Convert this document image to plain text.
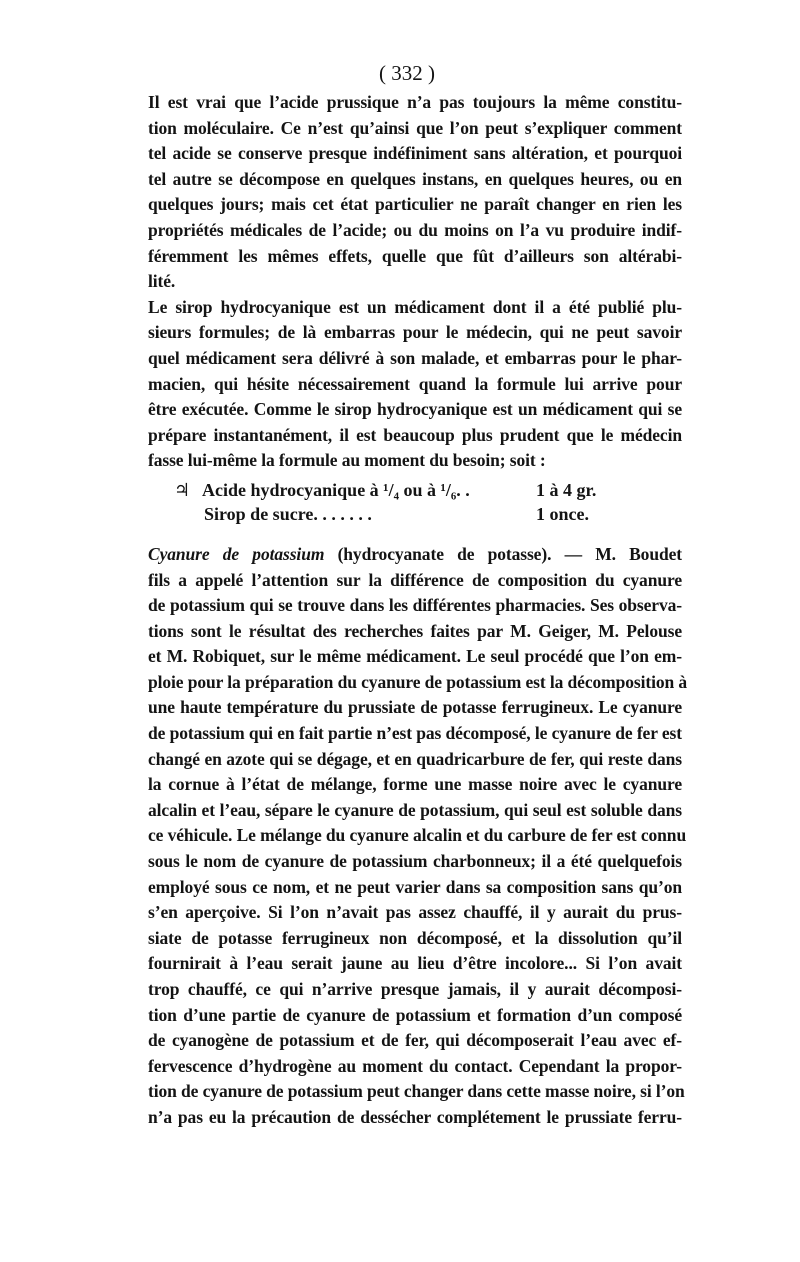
( 332 )
Il est vrai que l’acide prussique n’a pas toujours la même constitu-
tion moléculaire. Ce n’est qu’ainsi que l’on peut s’expliquer comment
tel acide se conserve presque indéfiniment sans altération, et pourquoi
tel autre se décompose en quelques instans, en quelques heures, ou en
quelques jours; mais cet état particulier ne paraît changer en rien les
propriétés médicales de l’acide; ou du moins on l’a vu produire indif-
féremment les mêmes effets, quelle que fût d’ailleurs son altérabi-
lité.
Le sirop hydrocyanique est un médicament dont il a été publié plu-
sieurs formules; de là embarras pour le médecin, qui ne peut savoir
quel médicament sera délivré à son malade, et embarras pour le phar-
macien, qui hésite nécessairement quand la formule lui arrive pour
être exécutée. Comme le sirop hydrocyanique est un médicament qui se
prépare instantanément, il est beaucoup plus prudent que le médecin
fasse lui-même la formule au moment du besoin; soit :
♃ Acide hydrocyanique à ¹/₄ ou à ¹/₆. .	1 à 4 gr.
Sirop de sucre. . . . . . .	1 once.
Cyanure de potassium (hydrocyanate de potasse). — M. Boudet
fils a appelé l’attention sur la différence de composition du cyanure
de potassium qui se trouve dans les différentes pharmacies. Ses observa-
tions sont le résultat des recherches faites par M. Geiger, M. Pelouse
et M. Robiquet, sur le même médicament. Le seul procédé que l’on em-
ploie pour la préparation du cyanure de potassium est la décomposition à
une haute température du prussiate de potasse ferrugineux. Le cyanure
de potassium qui en fait partie n’est pas décomposé, le cyanure de fer est
changé en azote qui se dégage, et en quadricarbure de fer, qui reste dans
la cornue à l’état de mélange, forme une masse noire avec le cyanure
alcalin et l’eau, sépare le cyanure de potassium, qui seul est soluble dans
ce véhicule. Le mélange du cyanure alcalin et du carbure de fer est connu
sous le nom de cyanure de potassium charbonneux; il a été quelquefois
employé sous ce nom, et ne peut varier dans sa composition sans qu’on
s’en aperçoive. Si l’on n’avait pas assez chauffé, il y aurait du prus-
siate de potasse ferrugineux non décomposé, et la dissolution qu’il
fournirait à l’eau serait jaune au lieu d’être incolore... Si l’on avait
trop chauffé, ce qui n’arrive presque jamais, il y aurait décomposi-
tion d’une partie de cyanure de potassium et formation d’un composé
de cyanogène de potassium et de fer, qui décomposerait l’eau avec ef-
fervescence d’hydrogène au moment du contact. Cependant la propor-
tion de cyanure de potassium peut changer dans cette masse noire, si l’on
n’a pas eu la précaution de dessécher complétement le prussiate ferru-
